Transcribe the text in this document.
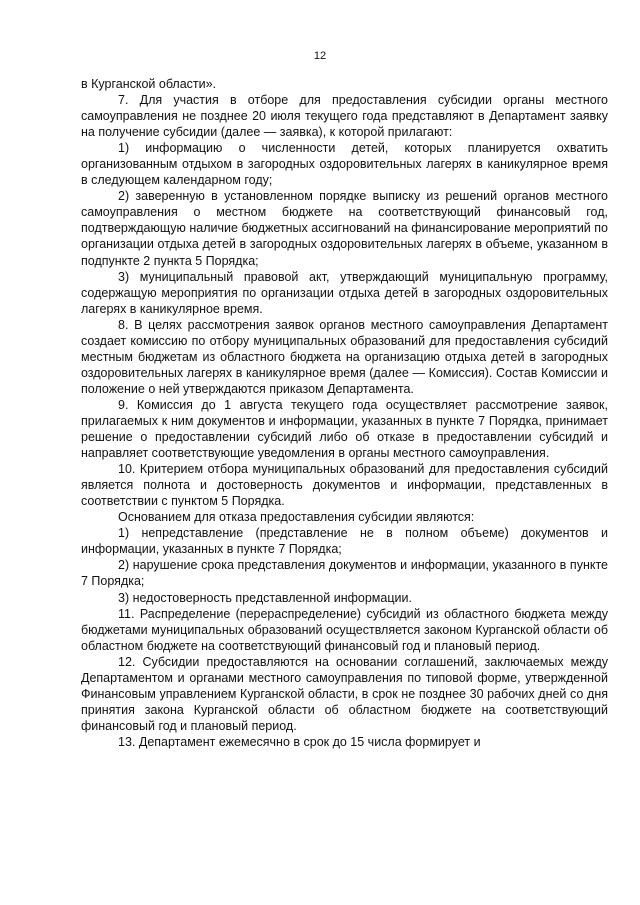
12

в Курганской области».

7. Для участия в отборе для предоставления субсидии органы местного самоуправления не позднее 20 июля текущего года представляют в Департамент заявку на получение субсидии (далее — заявка), к которой прилагают:

1) информацию о численности детей, которых планируется охватить организованным отдыхом в загородных оздоровительных лагерях в каникулярное время в следующем календарном году;

2) заверенную в установленном порядке выписку из решений органов местного самоуправления о местном бюджете на соответствующий финансовый год, подтверждающую наличие бюджетных ассигнований на финансирование мероприятий по организации отдыха детей в загородных оздоровительных лагерях в объеме, указанном в подпункте 2 пункта 5 Порядка;

3) муниципальный правовой акт, утверждающий муниципальную программу, содержащую мероприятия по организации отдыха детей в загородных оздоровительных лагерях в каникулярное время.

8. В целях рассмотрения заявок органов местного самоуправления Департамент создает комиссию по отбору муниципальных образований для предоставления субсидий местным бюджетам из областного бюджета на организацию отдыха детей в загородных оздоровительных лагерях в каникулярное время (далее — Комиссия). Состав Комиссии и положение о ней утверждаются приказом Департамента.

9. Комиссия до 1 августа текущего года осуществляет рассмотрение заявок, прилагаемых к ним документов и информации, указанных в пункте 7 Порядка, принимает решение о предоставлении субсидий либо об отказе в предоставлении субсидий и направляет соответствующие уведомления в органы местного самоуправления.

10. Критерием отбора муниципальных образований для предоставления субсидий является полнота и достоверность документов и информации, представленных в соответствии с пунктом 5 Порядка.

Основанием для отказа предоставления субсидии являются:

1) непредставление (представление не в полном объеме) документов и информации, указанных в пункте 7 Порядка;

2) нарушение срока представления документов и информации, указанного в пункте 7 Порядка;

3) недостоверность представленной информации.

11. Распределение (перераспределение) субсидий из областного бюджета между бюджетами муниципальных образований осуществляется законом Курганской области об областном бюджете на соответствующий финансовый год и плановый период.

12. Субсидии предоставляются на основании соглашений, заключаемых между Департаментом и органами местного самоуправления по типовой форме, утвержденной Финансовым управлением Курганской области, в срок не позднее 30 рабочих дней со дня принятия закона Курганской области об областном бюджете на соответствующий финансовый год и плановый период.

13. Департамент ежемесячно в срок до 15 числа формирует и
